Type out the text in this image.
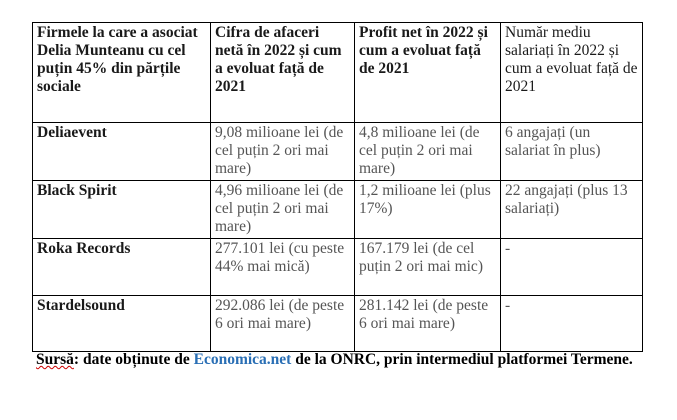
Firmele la care a asociat Delia Munteanu cu cel puțin 45% din părțile sociale	Cifra de afaceri netă în 2022 și cum a evoluat față de 2021	Profit net în 2022 și cum a evoluat față de 2021	Număr mediu salariați în 2022 și cum a evoluat față de 2021
Deliaevent	9,08 milioane lei (de cel puțin 2 ori mai mare)	4,8 milioane lei (de cel puțin 2 ori mai mare)	6 angajați (un salariat în plus)
Black Spirit	4,96 milioane lei (de cel puțin 2 ori mai mare)	1,2 milioane lei (plus 17%)	22 angajați (plus 13 salariați)
Roka Records	277.101 lei (cu peste 44% mai mică)	167.179 lei (de cel puțin 2 ori mai mic)	-
Stardelsound	292.086 lei (de peste 6 ori mai mare)	281.142 lei (de peste 6 ori mai mare)	-
Sursă: date obținute de Economica.net de la ONRC, prin intermediul platformei Termene.
